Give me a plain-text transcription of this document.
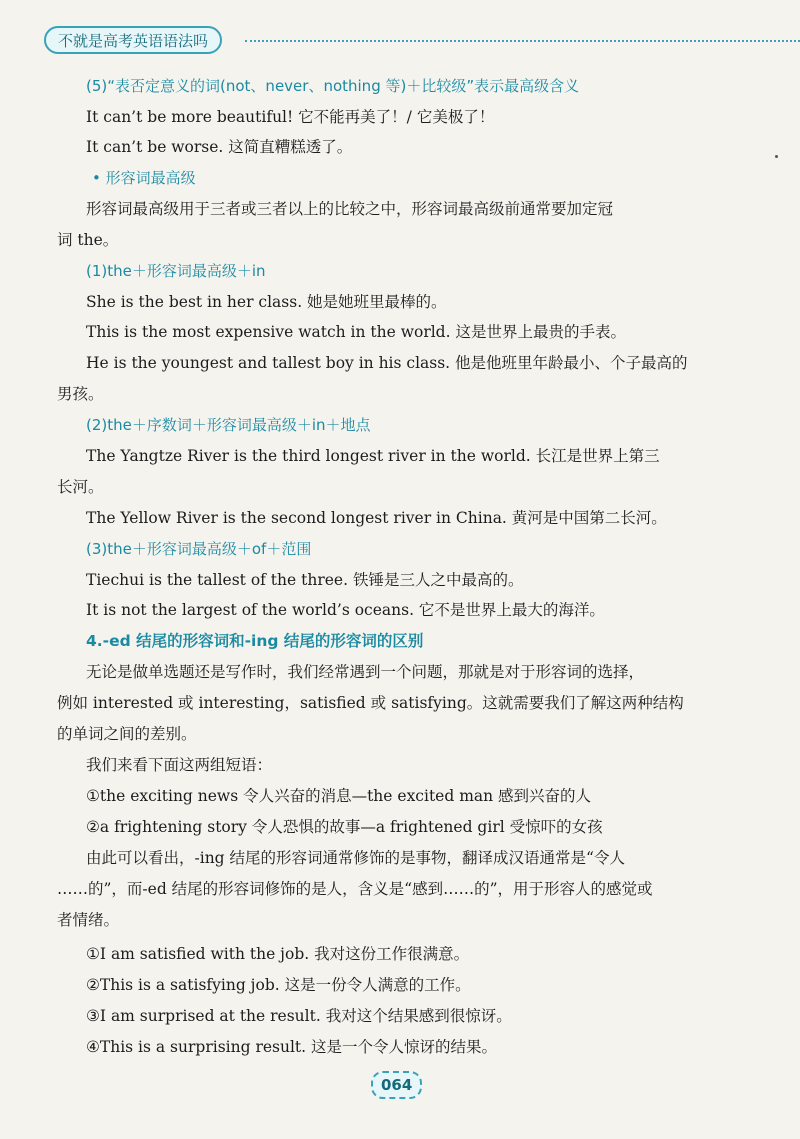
不就是高考英语语法吗
(5)“表否定意义的词(not、never、nothing 等)＋比较级”表示最高级含义
It can’t be more beautiful! 它不能再美了！/ 它美极了！
It can’t be worse. 这简直糟糕透了。
• 形容词最高级
形容词最高级用于三者或三者以上的比较之中，形容词最高级前通常要加定冠
词 the。
(1)the＋形容词最高级＋in
She is the best in her class. 她是她班里最棒的。
This is the most expensive watch in the world. 这是世界上最贵的手表。
He is the youngest and tallest boy in his class. 他是他班里年龄最小、个子最高的
男孩。
(2)the＋序数词＋形容词最高级＋in＋地点
The Yangtze River is the third longest river in the world. 长江是世界上第三
长河。
The Yellow River is the second longest river in China. 黄河是中国第二长河。
(3)the＋形容词最高级＋of＋范围
Tiechui is the tallest of the three. 铁锤是三人之中最高的。
It is not the largest of the world’s oceans. 它不是世界上最大的海洋。
4.-ed 结尾的形容词和-ing 结尾的形容词的区别
无论是做单选题还是写作时，我们经常遇到一个问题，那就是对于形容词的选择，
例如 interested 或 interesting，satisfied 或 satisfying。这就需要我们了解这两种结构
的单词之间的差别。
我们来看下面这两组短语：
①the exciting news 令人兴奋的消息—the excited man 感到兴奋的人
②a frightening story 令人恐惧的故事—a frightened girl 受惊吓的女孩
由此可以看出，-ing 结尾的形容词通常修饰的是事物，翻译成汉语通常是“令人
……的”，而-ed 结尾的形容词修饰的是人，含义是“感到……的”，用于形容人的感觉或
者情绪。
①I am satisfied with the job. 我对这份工作很满意。
②This is a satisfying job. 这是一份令人满意的工作。
③I am surprised at the result. 我对这个结果感到很惊讶。
④This is a surprising result. 这是一个令人惊讶的结果。
064
